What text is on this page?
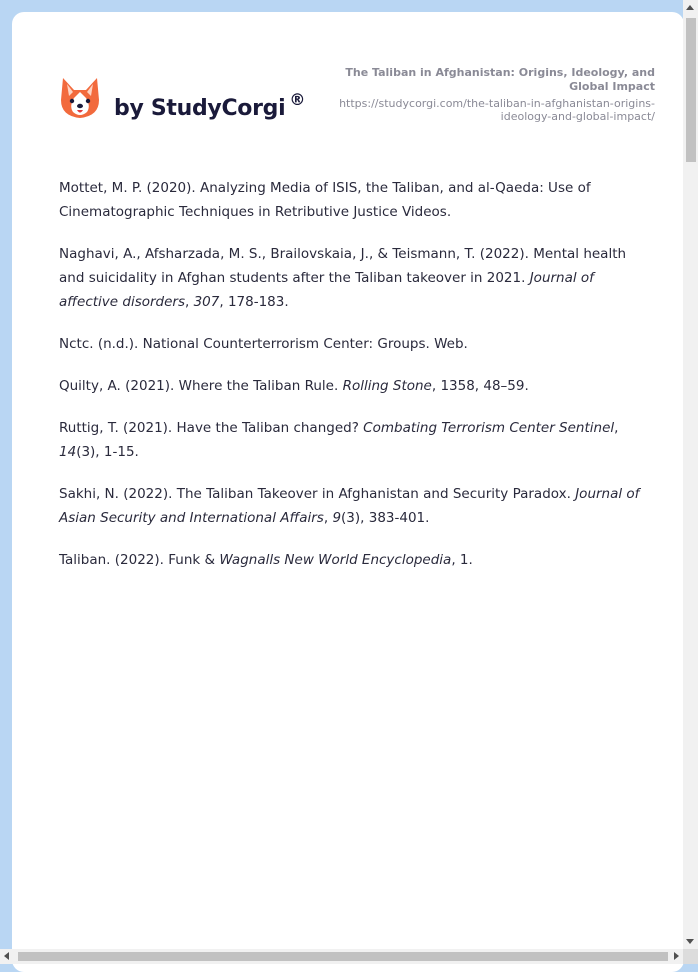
by StudyCorgi ®
The Taliban in Afghanistan: Origins, Ideology, and Global Impact
https://studycorgi.com/the-taliban-in-afghanistan-origins-ideology-and-global-impact/

Mottet, M. P. (2020). Analyzing Media of ISIS, the Taliban, and al-Qaeda: Use of Cinematographic Techniques in Retributive Justice Videos.

Naghavi, A., Afsharzada, M. S., Brailovskaia, J., & Teismann, T. (2022). Mental health and suicidality in Afghan students after the Taliban takeover in 2021. Journal of affective disorders, 307, 178-183.

Nctc. (n.d.). National Counterterrorism Center: Groups. Web.

Quilty, A. (2021). Where the Taliban Rule. Rolling Stone, 1358, 48–59.

Ruttig, T. (2021). Have the Taliban changed? Combating Terrorism Center Sentinel, 14(3), 1-15.

Sakhi, N. (2022). The Taliban Takeover in Afghanistan and Security Paradox. Journal of Asian Security and International Affairs, 9(3), 383-401.

Taliban. (2022). Funk & Wagnalls New World Encyclopedia, 1.
